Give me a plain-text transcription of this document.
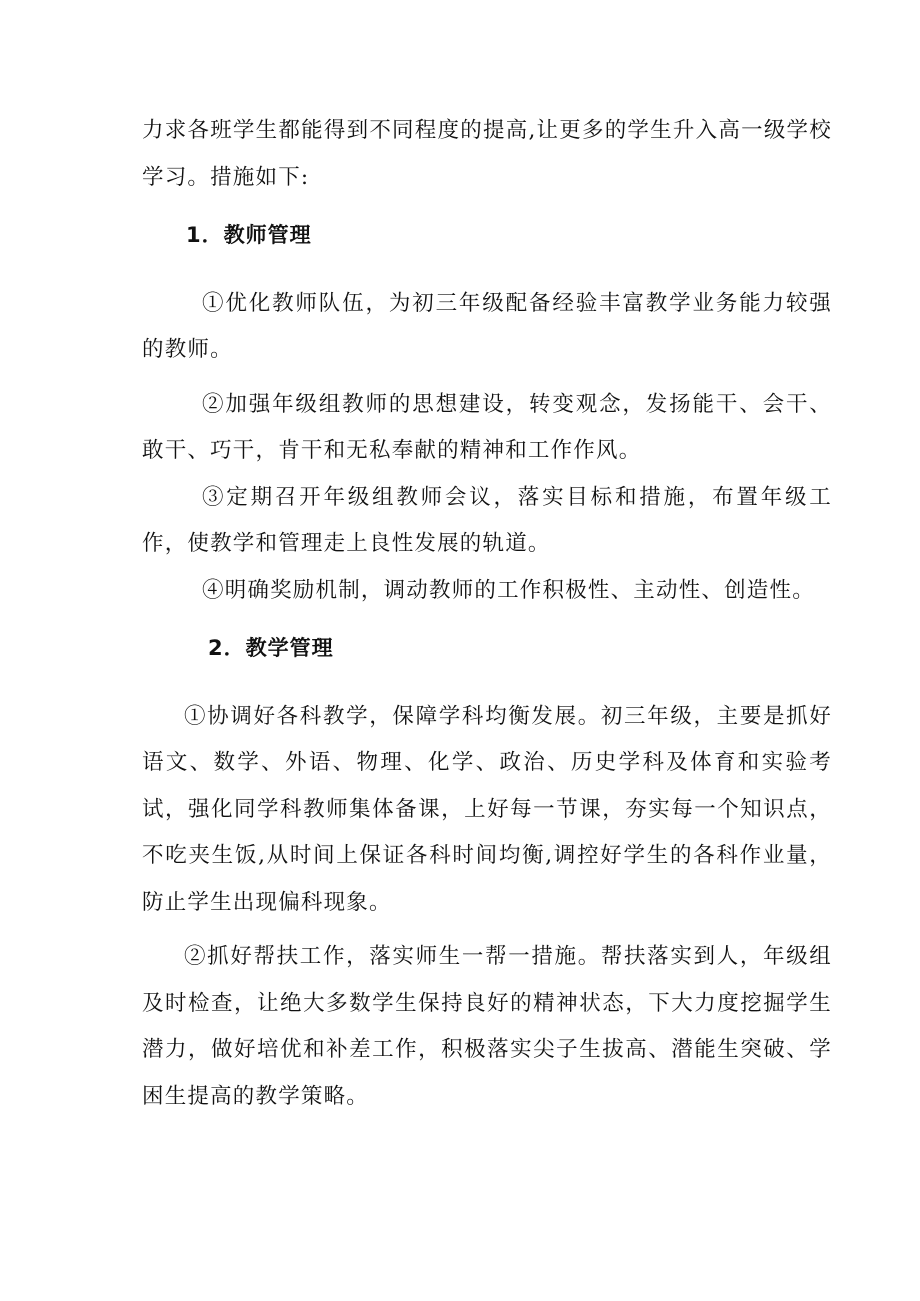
力求各班学生都能得到不同程度的提高,让更多的学生升入高一级学校学习。措施如下:

1．教师管理

①优化教师队伍，为初三年级配备经验丰富教学业务能力较强的教师。

②加强年级组教师的思想建设，转变观念，发扬能干、会干、敢干、巧干，肯干和无私奉献的精神和工作作风。

③定期召开年级组教师会议，落实目标和措施，布置年级工作，使教学和管理走上良性发展的轨道。

④明确奖励机制，调动教师的工作积极性、主动性、创造性。

2．教学管理

①协调好各科教学，保障学科均衡发展。初三年级，主要是抓好语文、数学、外语、物理、化学、政治、历史学科及体育和实验考试，强化同学科教师集体备课，上好每一节课，夯实每一个知识点，不吃夹生饭,从时间上保证各科时间均衡,调控好学生的各科作业量，防止学生出现偏科现象。

②抓好帮扶工作，落实师生一帮一措施。帮扶落实到人，年级组及时检查，让绝大多数学生保持良好的精神状态，下大力度挖掘学生潜力，做好培优和补差工作，积极落实尖子生拔高、潜能生突破、学困生提高的教学策略。
